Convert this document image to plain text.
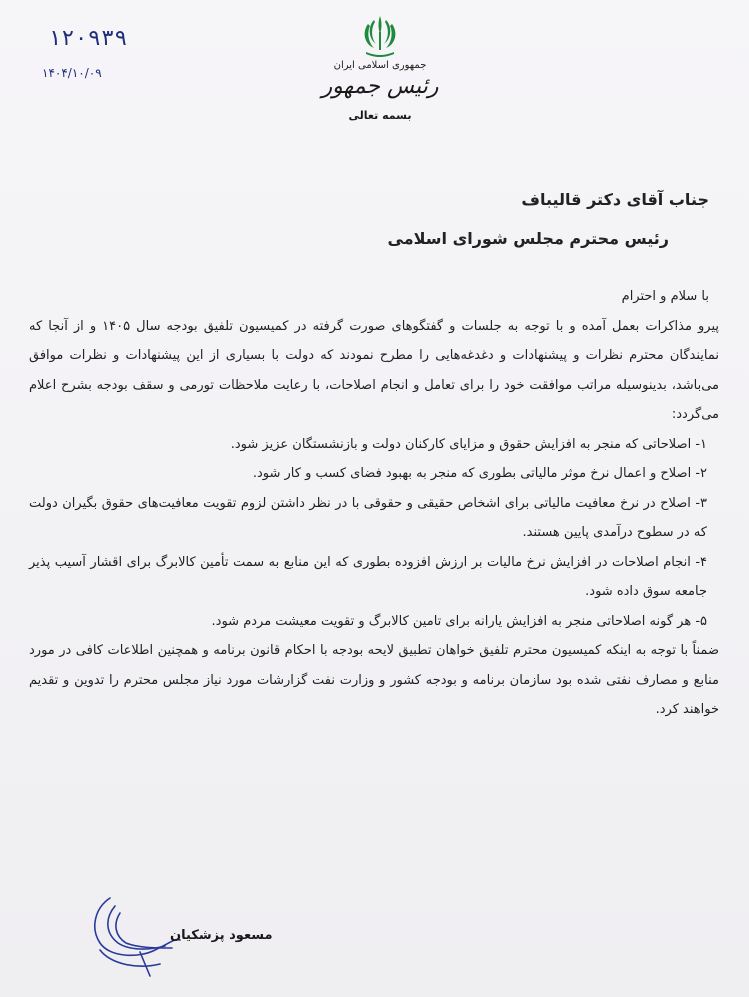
۱۲۰۹۳۹
۱۴۰۴/۱۰/۰۹
جمهوری اسلامی ایران
رئیس جمهور
بسمه تعالی

جناب آقای دکتر قالیباف

رئیس محترم مجلس شورای اسلامی

با سلام و احترام

پیرو مذاکرات بعمل آمده و با توجه به جلسات و گفتگوهای صورت گرفته در کمیسیون تلفیق بودجه سال ۱۴۰۵ و از آنجا که نمایندگان محترم نظرات و پیشنهادات و دغدغه‌هایی را مطرح نمودند که دولت با بسیاری از این پیشنهادات و نظرات موافق می‌باشد، بدینوسیله مراتب موافقت خود را برای تعامل و انجام اصلاحات، با رعایت ملاحظات تورمی و سقف بودجه بشرح اعلام می‌گردد:

۱- اصلاحاتی که منجر به افزایش حقوق و مزایای کارکنان دولت و بازنشستگان عزیز شود.

۲- اصلاح و اعمال نرخ موثر مالیاتی بطوری که منجر به بهبود فضای کسب و کار شود.

۳- اصلاح در نرخ معافیت مالیاتی برای اشخاص حقیقی و حقوقی با در نظر داشتن لزوم تقویت معافیت‌های حقوق بگیران دولت که در سطوح درآمدی پایین هستند.

۴- انجام اصلاحات در افزایش نرخ مالیات بر ارزش افزوده بطوری که این منابع به سمت تأمین کالابرگ برای اقشار آسیب پذیر جامعه سوق داده شود.

۵- هر گونه اصلاحاتی منجر به افزایش یارانه برای تامین کالابرگ و تقویت معیشت مردم شود.

ضمناً با توجه به اینکه کمیسیون محترم تلفیق خواهان تطبیق لایحه بودجه با احکام قانون برنامه و همچنین اطلاعات کافی در مورد منابع و مصارف نفتی شده بود سازمان برنامه و بودجه کشور و وزارت نفت گزارشات مورد نیاز مجلس محترم را تدوین و تقدیم خواهند کرد.

مسعود پزشکیان
